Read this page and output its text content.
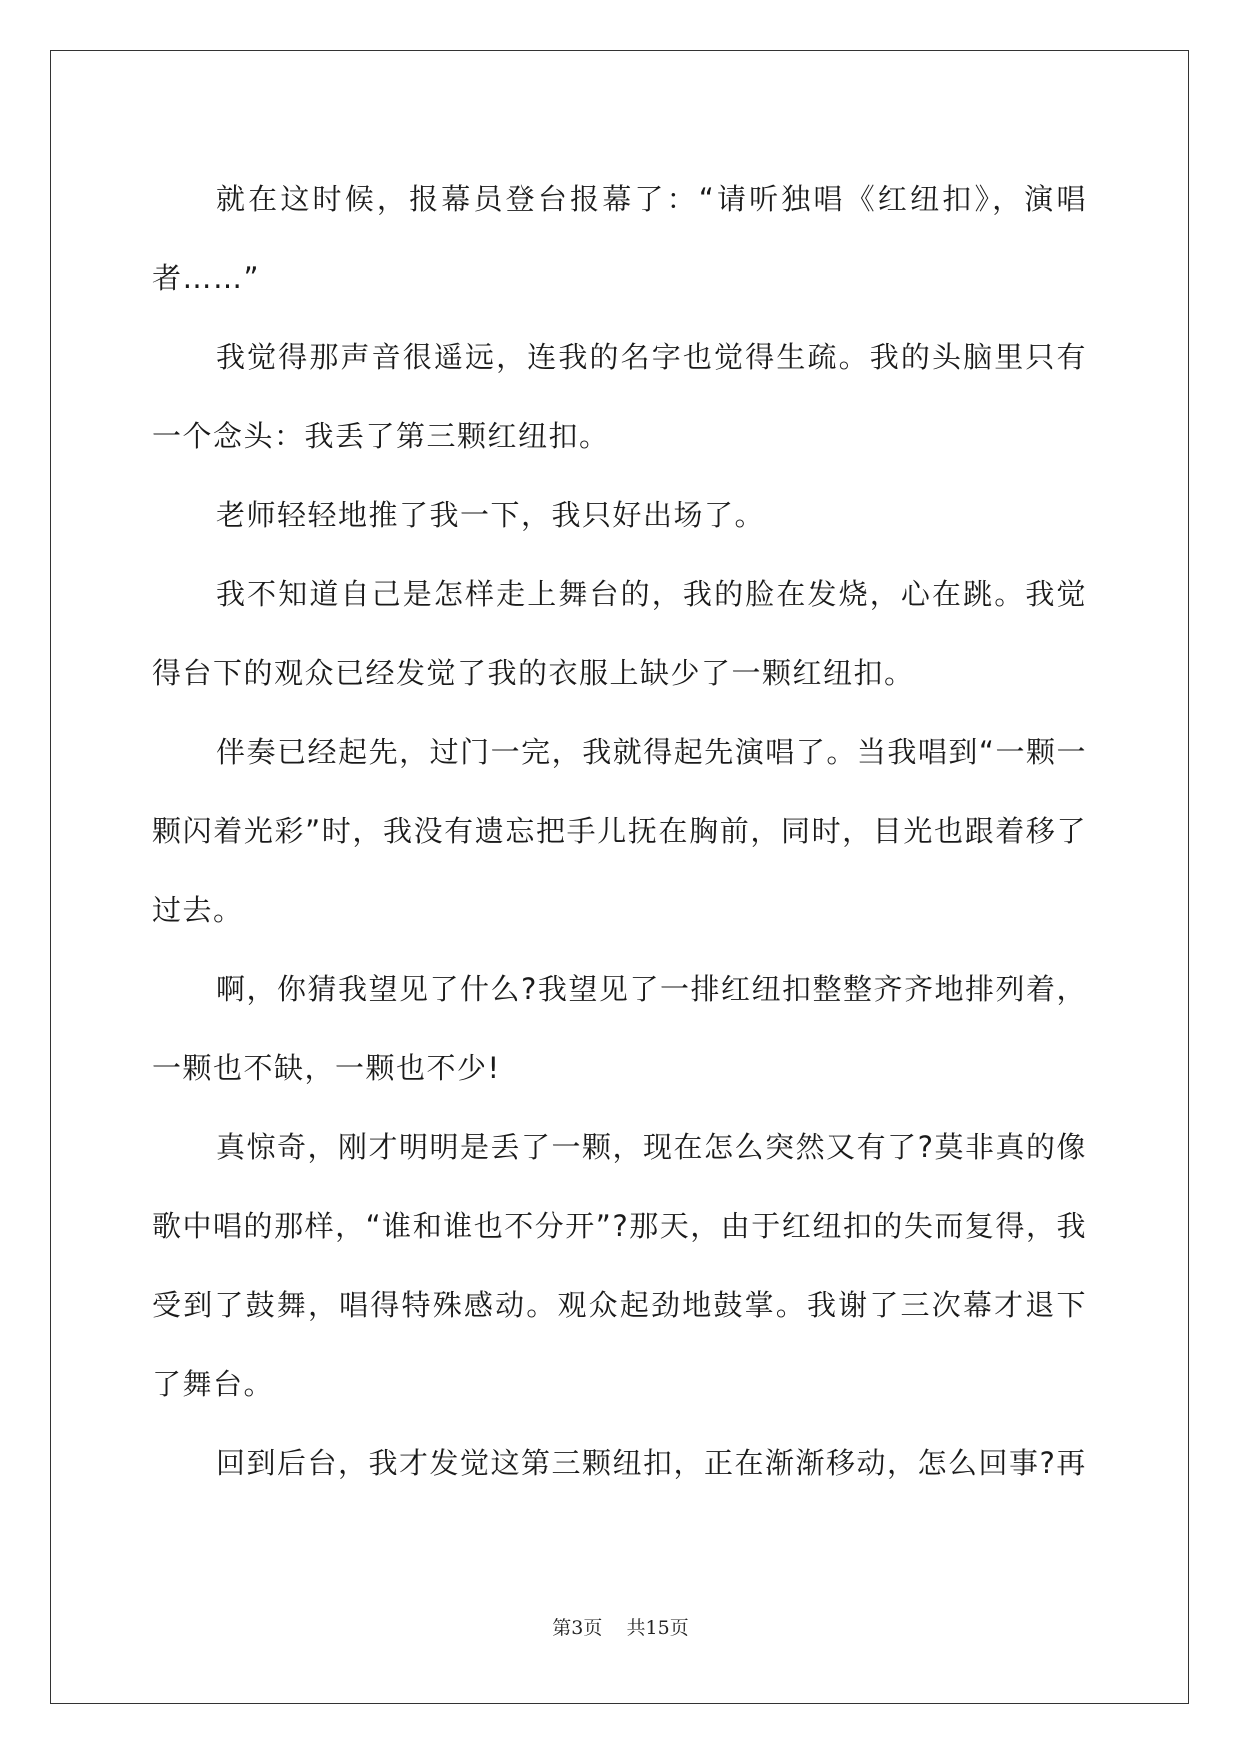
就在这时候，报幕员登台报幕了：“请听独唱《红纽扣》，演唱者……”

我觉得那声音很遥远，连我的名字也觉得生疏。我的头脑里只有一个念头：我丢了第三颗红纽扣。

老师轻轻地推了我一下，我只好出场了。

我不知道自己是怎样走上舞台的，我的脸在发烧，心在跳。我觉得台下的观众已经发觉了我的衣服上缺少了一颗红纽扣。

伴奏已经起先，过门一完，我就得起先演唱了。当我唱到“一颗一颗闪着光彩”时，我没有遗忘把手儿抚在胸前，同时，目光也跟着移了过去。

啊，你猜我望见了什么?我望见了一排红纽扣整整齐齐地排列着，一颗也不缺，一颗也不少!

真惊奇，刚才明明是丢了一颗，现在怎么突然又有了?莫非真的像歌中唱的那样，“谁和谁也不分开”?那天，由于红纽扣的失而复得，我受到了鼓舞，唱得特殊感动。观众起劲地鼓掌。我谢了三次幕才退下了舞台。

回到后台，我才发觉这第三颗纽扣，正在渐渐移动，怎么回事?再

第3页 共15页
